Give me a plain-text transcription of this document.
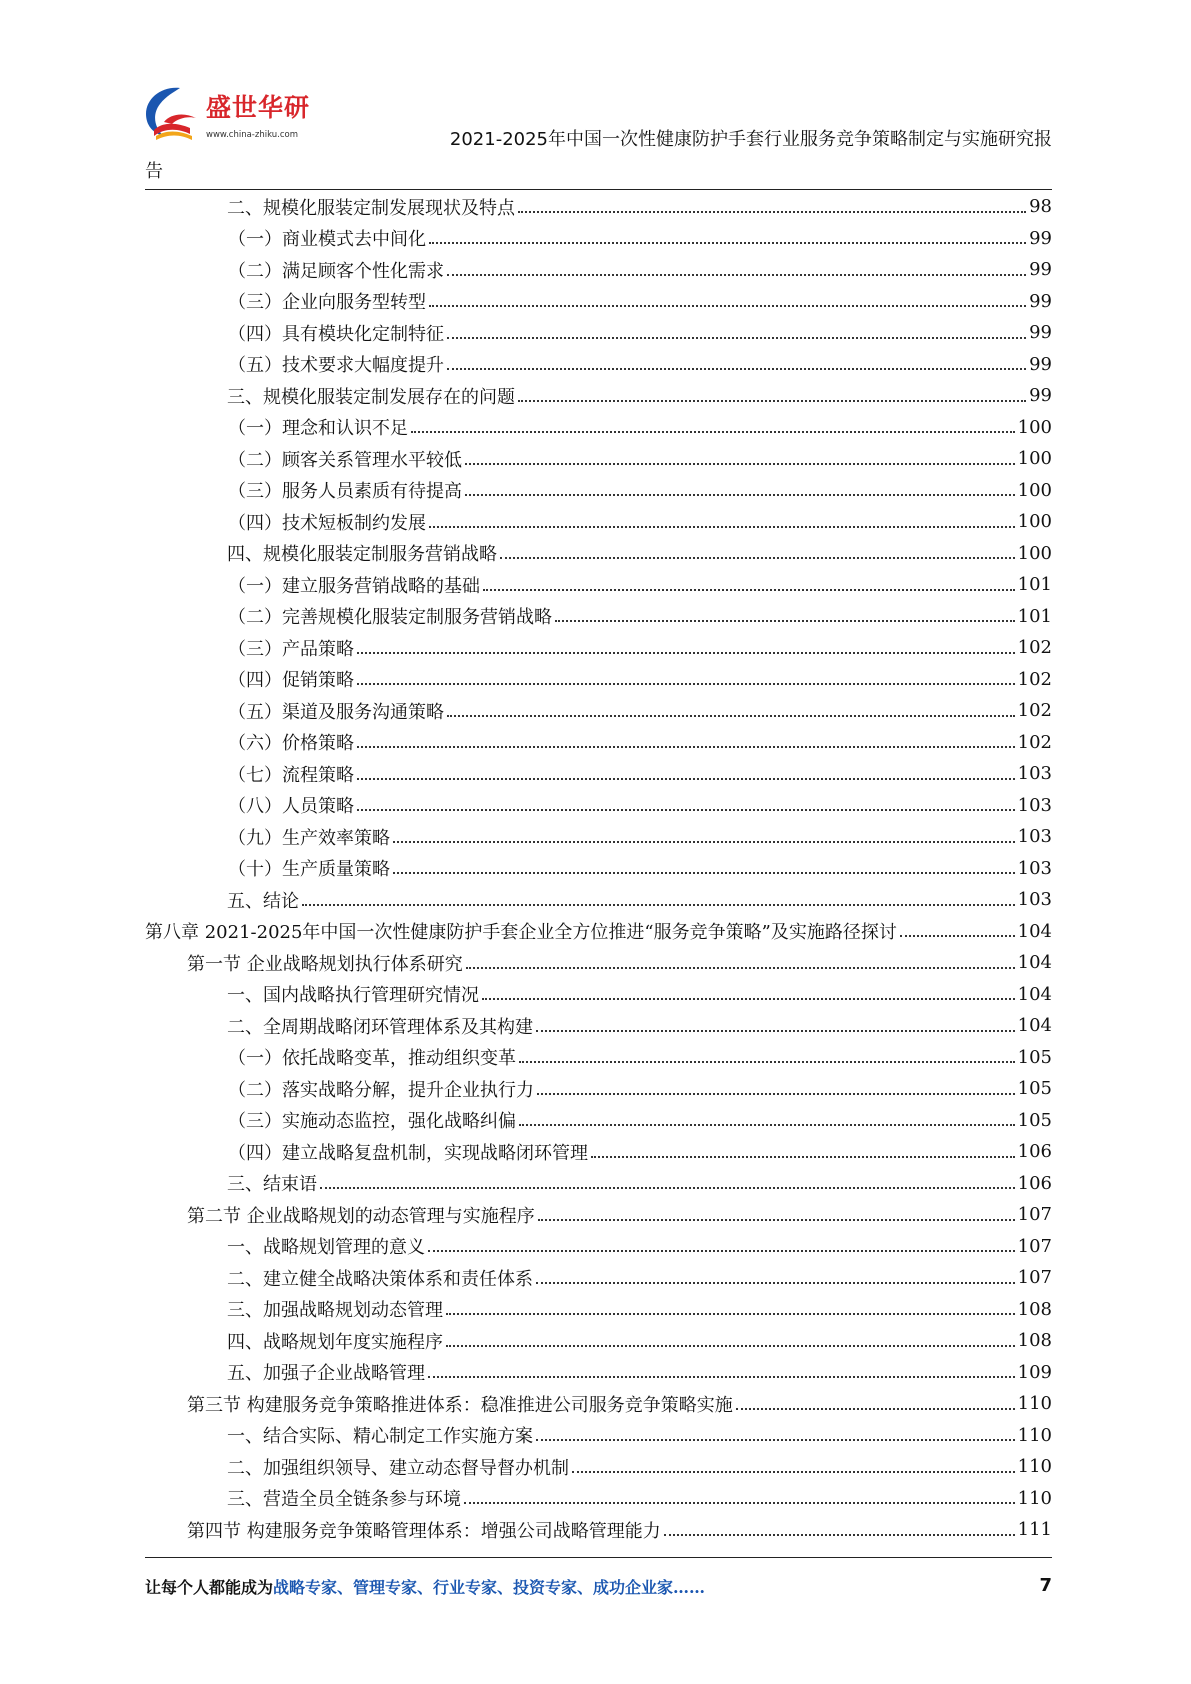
盛世华研
www.china-zhiku.com	2021-2025年中国一次性健康防护手套行业服务竞争策略制定与实施研究报
告
二、规模化服装定制发展现状及特点	98
（一）商业模式去中间化	99
（二）满足顾客个性化需求	99
（三）企业向服务型转型	99
（四）具有模块化定制特征	99
（五）技术要求大幅度提升	99
三、规模化服装定制发展存在的问题	99
（一）理念和认识不足	100
（二）顾客关系管理水平较低	100
（三）服务人员素质有待提高	100
（四）技术短板制约发展	100
四、规模化服装定制服务营销战略	100
（一）建立服务营销战略的基础	101
（二）完善规模化服装定制服务营销战略	101
（三）产品策略	102
（四）促销策略	102
（五）渠道及服务沟通策略	102
（六）价格策略	102
（七）流程策略	103
（八）人员策略	103
（九）生产效率策略	103
（十）生产质量策略	103
五、结论	103
第八章 2021-2025年中国一次性健康防护手套企业全方位推进“服务竞争策略”及实施路径探讨	104
第一节 企业战略规划执行体系研究	104
一、国内战略执行管理研究情况	104
二、全周期战略闭环管理体系及其构建	104
（一）依托战略变革，推动组织变革	105
（二）落实战略分解，提升企业执行力	105
（三）实施动态监控，强化战略纠偏	105
（四）建立战略复盘机制，实现战略闭环管理	106
三、结束语	106
第二节 企业战略规划的动态管理与实施程序	107
一、战略规划管理的意义	107
二、建立健全战略决策体系和责任体系	107
三、加强战略规划动态管理	108
四、战略规划年度实施程序	108
五、加强子企业战略管理	109
第三节 构建服务竞争策略推进体系：稳准推进公司服务竞争策略实施	110
一、结合实际、精心制定工作实施方案	110
二、加强组织领导、建立动态督导督办机制	110
三、营造全员全链条参与环境	110
第四节 构建服务竞争策略管理体系：增强公司战略管理能力	111
让每个人都能成为战略专家、管理专家、行业专家、投资专家、成功企业家……	7
